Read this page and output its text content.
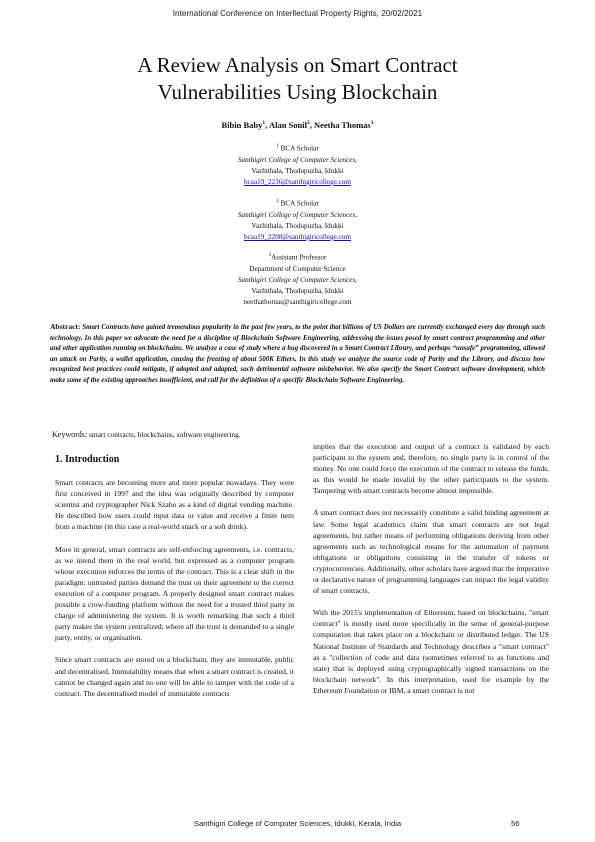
International Conference on Interllectual Property Rights, 20/02/2021
A Review Analysis on Smart Contract
Vulnerabilities Using Blockchain
Bibin Baby$^1$, Alan Sonil$^2$, Neetha Thomas$^3$
$^1$ BCA Scholar
Santhigiri College of Computer Sciences,
Vazhithala, Thodupuzha, Idukki
bcaa19_2236@santhigiricollege.com
$^2$ BCA Scholar
Santhigiri College of Computer Sciences,
Vazhithala, Thodupuzha, Idukki
bcaa19_2208@santhigiricollege.com
$^3$Assistant Professor
Department of Computer Science
Santhigiri College of Computer Sciences,
Vazhithala, Thodupuzha, Idukki
neethathomas@santhigiricollege.com
Abstract: Smart Contracts have gained tremendous popularity in the past few years, to the point that billions of US Dollars are currently exchanged every day through such technology. In this paper we advocate the need for a discipline of Blockchain Software Engineering, addressing the issues posed by smart contract programming and other and other application running on blockchains. We analyze a case of study where a bug discovered in a Smart Contract Library, and perhaps “unsafe” programming, allowed an attack on Parity, a wallet application, causing the freezing of about 500K Ethers. In this study we analyze the source code of Parity and the Library, and discuss how recognized best practices could mitigate, if adopted and adapted, such detrimental software misbehavior. We also specify the Smart Contract software development, which make some of the existing approaches insufficient, and call for the definition of a specific Blockchain Software Engineering.
Keywords: smart contracts, blockchains, software engineering.
1. Introduction

Smart contracts are becoming more and more popular nowadays. They were first conceived in 1997 and the idea was originally described by computer scientist and cryptographer Nick Szabo as a kind of digital vending machine. He described how users could input data or value and receive a finite item from a machine (in this case a real-world snack or a soft drink).

More in general, smart contracts are self-enforcing agreements, i.e. contracts, as we intend them in the real world, but expressed as a computer program whose execution enforces the terms of the contract. This is a clear shift in the paradigm: untrusted parties demand the trust on their agreement to the correct execution of a computer program. A properly designed smart contract makes possible a crow-funding platform without the need for a trusted third party in charge of administering the system. It is worth remarking that such a third party makes the system centralized, where all the trust is demanded to a single party, entity, or organisation.

Since smart contracts are stored on a blockchain, they are immutable, public and decentralised. Immutability means that when a smart contract is created, it cannot be changed again and no one will be able to tamper with the code of a contract. The decentralised model of immutable contracts

implies that the execution and output of a contract is validated by each participant to the system and, therefore, no single party is in control of the money. No one could force the execution of the contract to release the funds, as this would be made invalid by the other participants to the system. Tampering with smart contracts become almost impossible.

A smart contract does not necessarily constitute a valid binding agreement at law. Some legal academics claim that smart contracts are not legal agreements, but rather means of performing obligations deriving from other agreements such as technological means for the automation of payment obligations or obligations consisting in the transfer of tokens or cryptocurrencies. Additionally, other scholars have argued that the imperative or declarative nature of programming languages can impact the legal validity of smart contracts.

With the 2015's implementation of Ethereum, based on blockchains, "smart contract" is mostly used more specifically in the sense of general-purpose computation that takes place on a blockchain or distributed ledger. The US National Institute of Standards and Technology describes a "smart contract" as a "collection of code and data (sometimes referred to as functions and state) that is deployed using cryptographically signed transactions on the blockchain network". In this interpretation, used for example by the Ethereum Foundation or IBM, a smart contract is not

Santhigiri College of Computer Sciences, Idukki, Kerala, India	56
